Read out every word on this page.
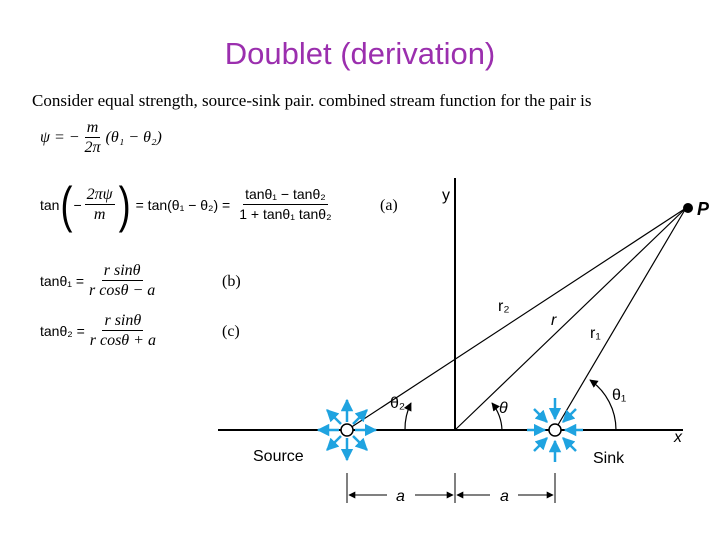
Doublet (derivation)
Consider equal strength, source-sink pair. combined stream function for the pair is
ψ = − $\frac{m}{2\pi} (\theta_1 - \theta_2)$
tan ( − $\frac{2\pi\psi}{m}$ ) = $\tan(\theta_1 - \theta_2) = \frac{\text{tanθ₁ − tanθ₂}}{\text{1 + tanθ₁ tanθ₂}}$	(a)
$\tan\theta_1 = \frac{\text{r sinθ}}{\text{r cosθ − a}}$	(b)
$\tan\theta_2 = \frac{\text{r sinθ}}{\text{r cosθ + a}}$	(c)
y
x
P
r₂
r
r₁
θ₂	θ
θ₁
Source	Sink
a	a
